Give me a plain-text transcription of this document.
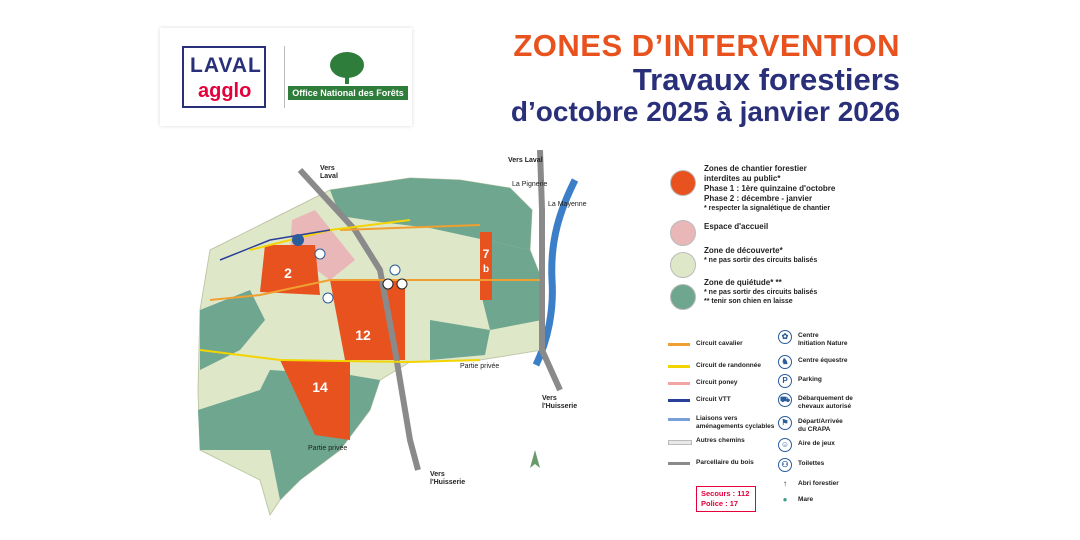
LAVAL
agglo	Office National des Forêts
ZONES D’INTERVENTION
Travaux forestiers
d’octobre 2025 à janvier 2026
2
12
14
7
b
Vers Laval
Vers Laval
La Pignerie
Vers l'Huisserie
Vers l'Huisserie
Partie privée
Partie privée
La Mayenne
Secours : 112
Police : 17
Zones de chantier forestier
interdites au public*
Phase 1 : 1ère quinzaine d'octobre
Phase 2 : décembre - janvier
* respecter la signalétique de chantier
Espace d'accueil
Zone de découverte*
* ne pas sortir des circuits balisés
Zone de quiétude* **
* ne pas sortir des circuits balisés
** tenir son chien en laisse
Circuit cavalier
Circuit de randonnée
Circuit poney
Circuit VTT
Liaisons vers
aménagements cyclables
Autres chemins
Parcellaire du bois
✿	Centre
Initiation Nature
♞	Centre équestre
P	Parking
⛟	Débarquement de
chevaux autorisé
⚑	Départ/Arrivée
du CRAPA
☺	Aire de jeux
⚇	Toilettes
↑	Abri forestier
●	Mare
